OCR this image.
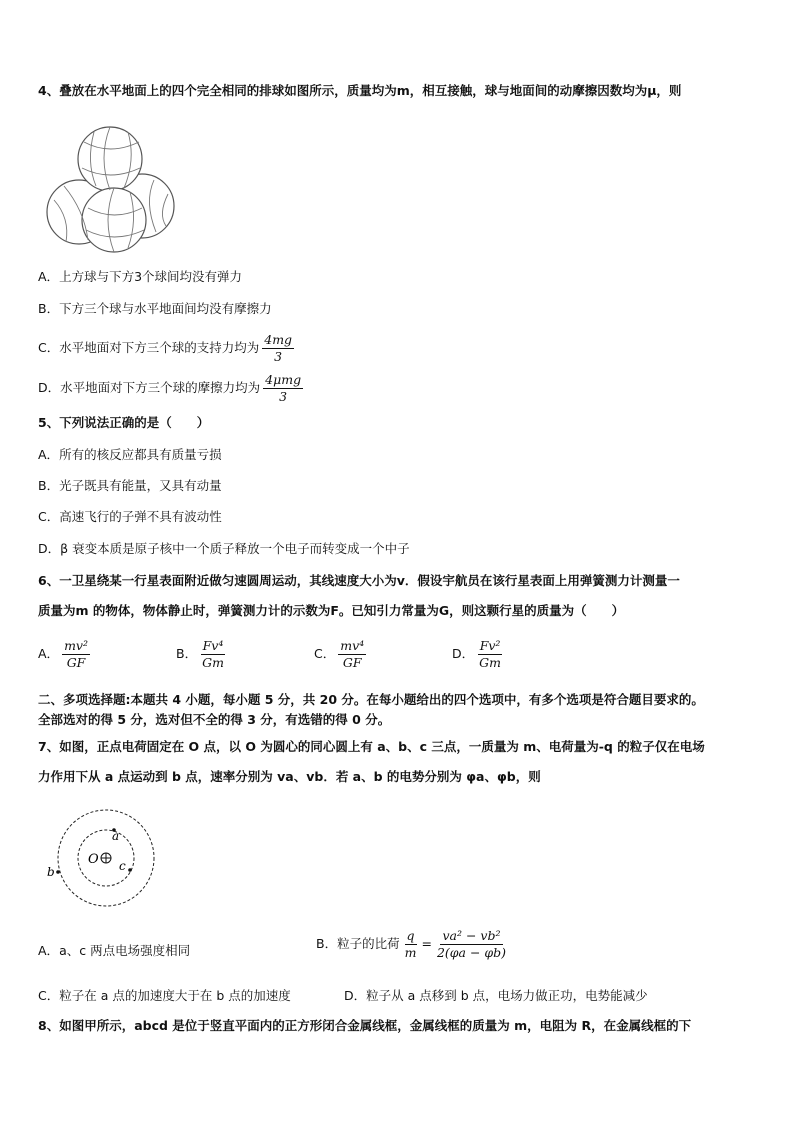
4、叠放在水平地面上的四个完全相同的排球如图所示，质量均为m，相互接触，球与地面间的动摩擦因数均为μ，则
A．上方球与下方3个球间均没有弹力
B．下方三个球与水平地面间均没有摩擦力
C．水平地面对下方三个球的支持力均为 $\frac{4mg}{3}$
D．水平地面对下方三个球的摩擦力均为 $\frac{\text{4μmg}}{3}$
5、下列说法正确的是（　　）
A．所有的核反应都具有质量亏损
B．光子既具有能量，又具有动量
C．高速飞行的子弹不具有波动性
D．β 衰变本质是原子核中一个质子释放一个电子而转变成一个中子
6、一卫星绕某一行星表面附近做匀速圆周运动，其线速度大小为v．假设宇航员在该行星表面上用弹簧测力计测量一
质量为m 的物体，物体静止时，弹簧测力计的示数为F。已知引力常量为G，则这颗行星的质量为（　　）
A． $\frac{\text{mv²}}{GF}$	B． $\frac{\text{Fv⁴}}{Gm}$	C． $\frac{\text{mv⁴}}{GF}$	D． $\frac{\text{Fv²}}{Gm}$
二、多项选择题:本题共 4 小题，每小题 5 分，共 20 分。在每小题给出的四个选项中，有多个选项是符合题目要求的。
全部选对的得 5 分，选对但不全的得 3 分，有选错的得 0 分。
7、如图，正点电荷固定在 O 点，以 O 为圆心的同心圆上有 a、b、c 三点，一质量为 m、电荷量为-q 的粒子仅在电场
力作用下从 a 点运动到 b 点，速率分别为 va、vb．若 a、b 的电势分别为 φa、φb，则
a
c
b
O
A．a、c 两点电场强度相同	B．粒子的比荷 $\frac{q}{m} = \frac{\text{va² − vb²}}{2(\varphi a - \varphi b)}$
C．粒子在 a 点的加速度大于在 b 点的加速度	D．粒子从 a 点移到 b 点，电场力做正功，电势能减少
8、如图甲所示，abcd 是位于竖直平面内的正方形闭合金属线框，金属线框的质量为 m，电阻为 R，在金属线框的下
